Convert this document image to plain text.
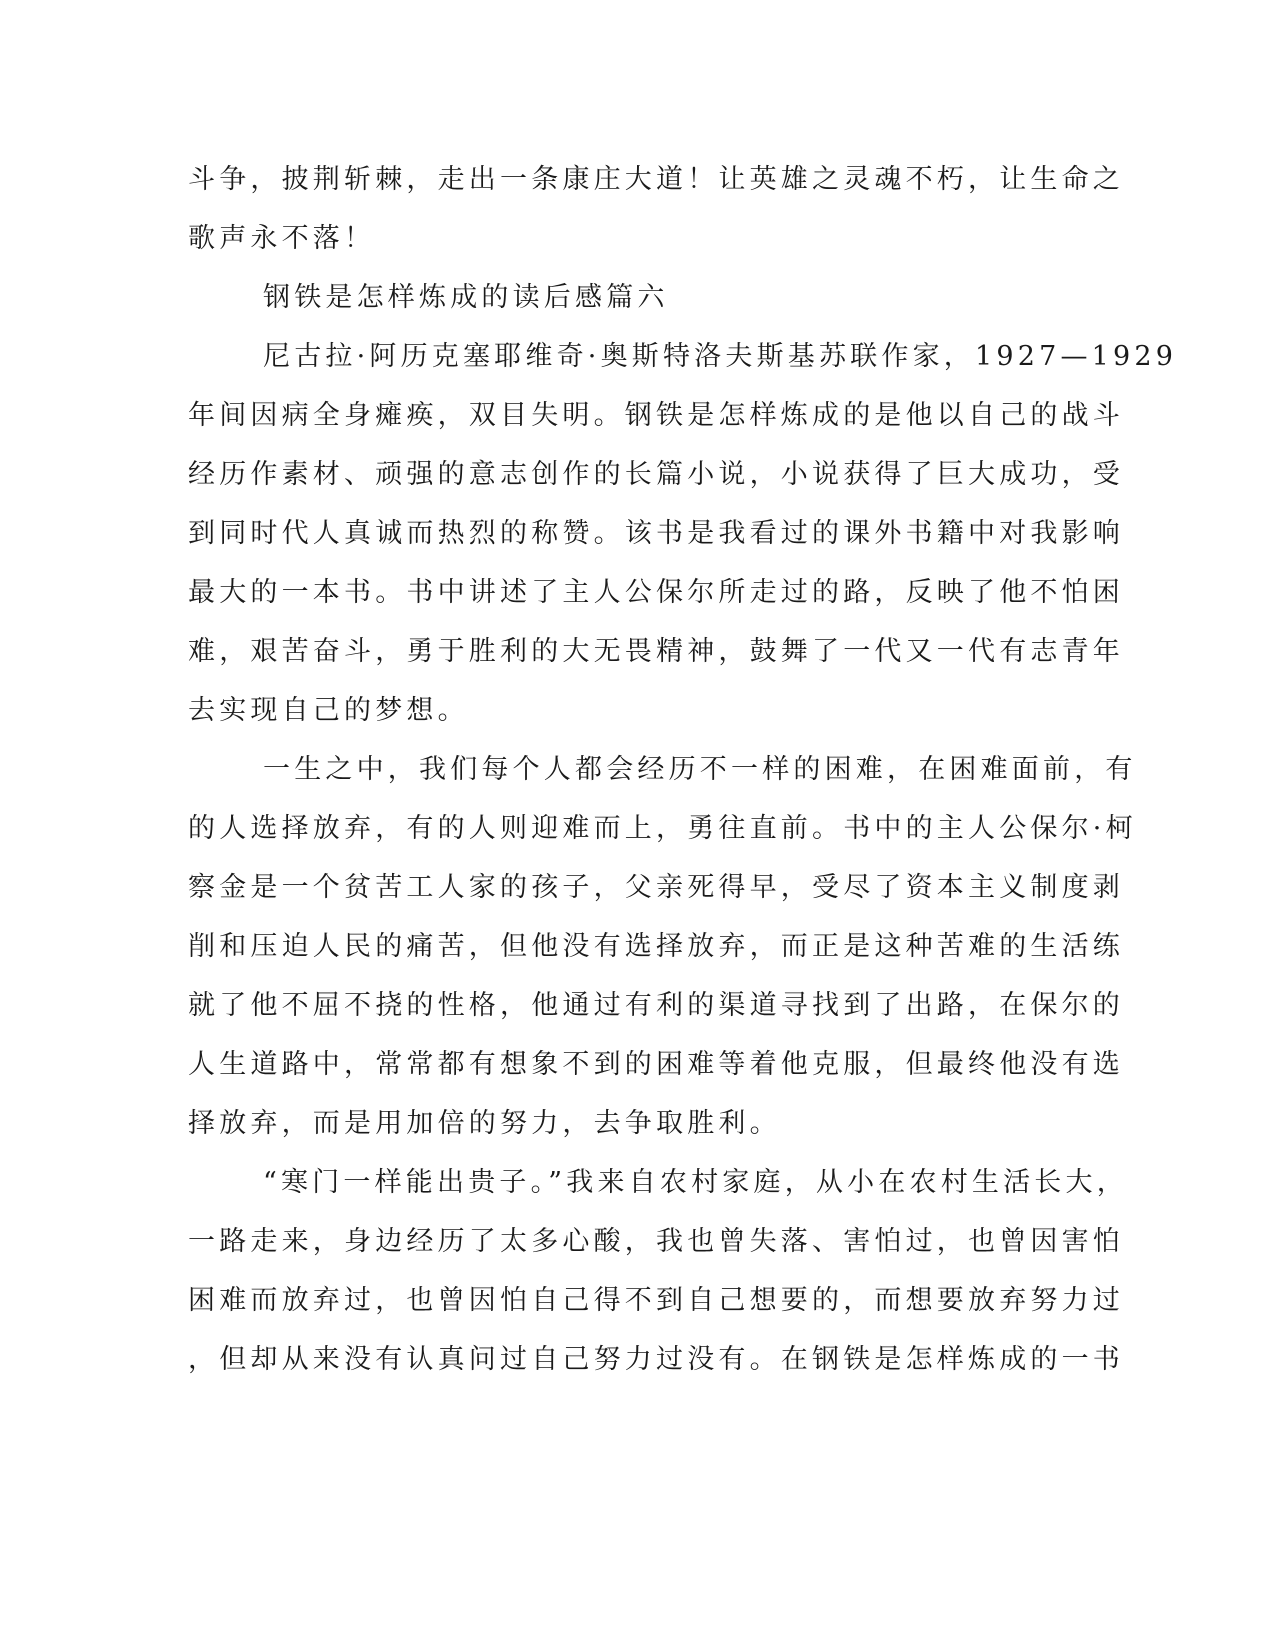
斗争，披荆斩棘，走出一条康庄大道！让英雄之灵魂不朽，让生命之
歌声永不落！
钢铁是怎样炼成的读后感篇六
尼古拉·阿历克塞耶维奇·奥斯特洛夫斯基苏联作家，1927—1929
年间因病全身瘫痪，双目失明。钢铁是怎样炼成的是他以自己的战斗
经历作素材、顽强的意志创作的长篇小说，小说获得了巨大成功，受
到同时代人真诚而热烈的称赞。该书是我看过的课外书籍中对我影响
最大的一本书。书中讲述了主人公保尔所走过的路，反映了他不怕困
难，艰苦奋斗，勇于胜利的大无畏精神，鼓舞了一代又一代有志青年
去实现自己的梦想。
一生之中，我们每个人都会经历不一样的困难，在困难面前，有
的人选择放弃，有的人则迎难而上，勇往直前。书中的主人公保尔·柯
察金是一个贫苦工人家的孩子，父亲死得早，受尽了资本主义制度剥
削和压迫人民的痛苦，但他没有选择放弃，而正是这种苦难的生活练
就了他不屈不挠的性格，他通过有利的渠道寻找到了出路，在保尔的
人生道路中，常常都有想象不到的困难等着他克服，但最终他没有选
择放弃，而是用加倍的努力，去争取胜利。
“寒门一样能出贵子。”我来自农村家庭，从小在农村生活长大，
一路走来，身边经历了太多心酸，我也曾失落、害怕过，也曾因害怕
困难而放弃过，也曾因怕自己得不到自己想要的，而想要放弃努力过
，但却从来没有认真问过自己努力过没有。在钢铁是怎样炼成的一书
